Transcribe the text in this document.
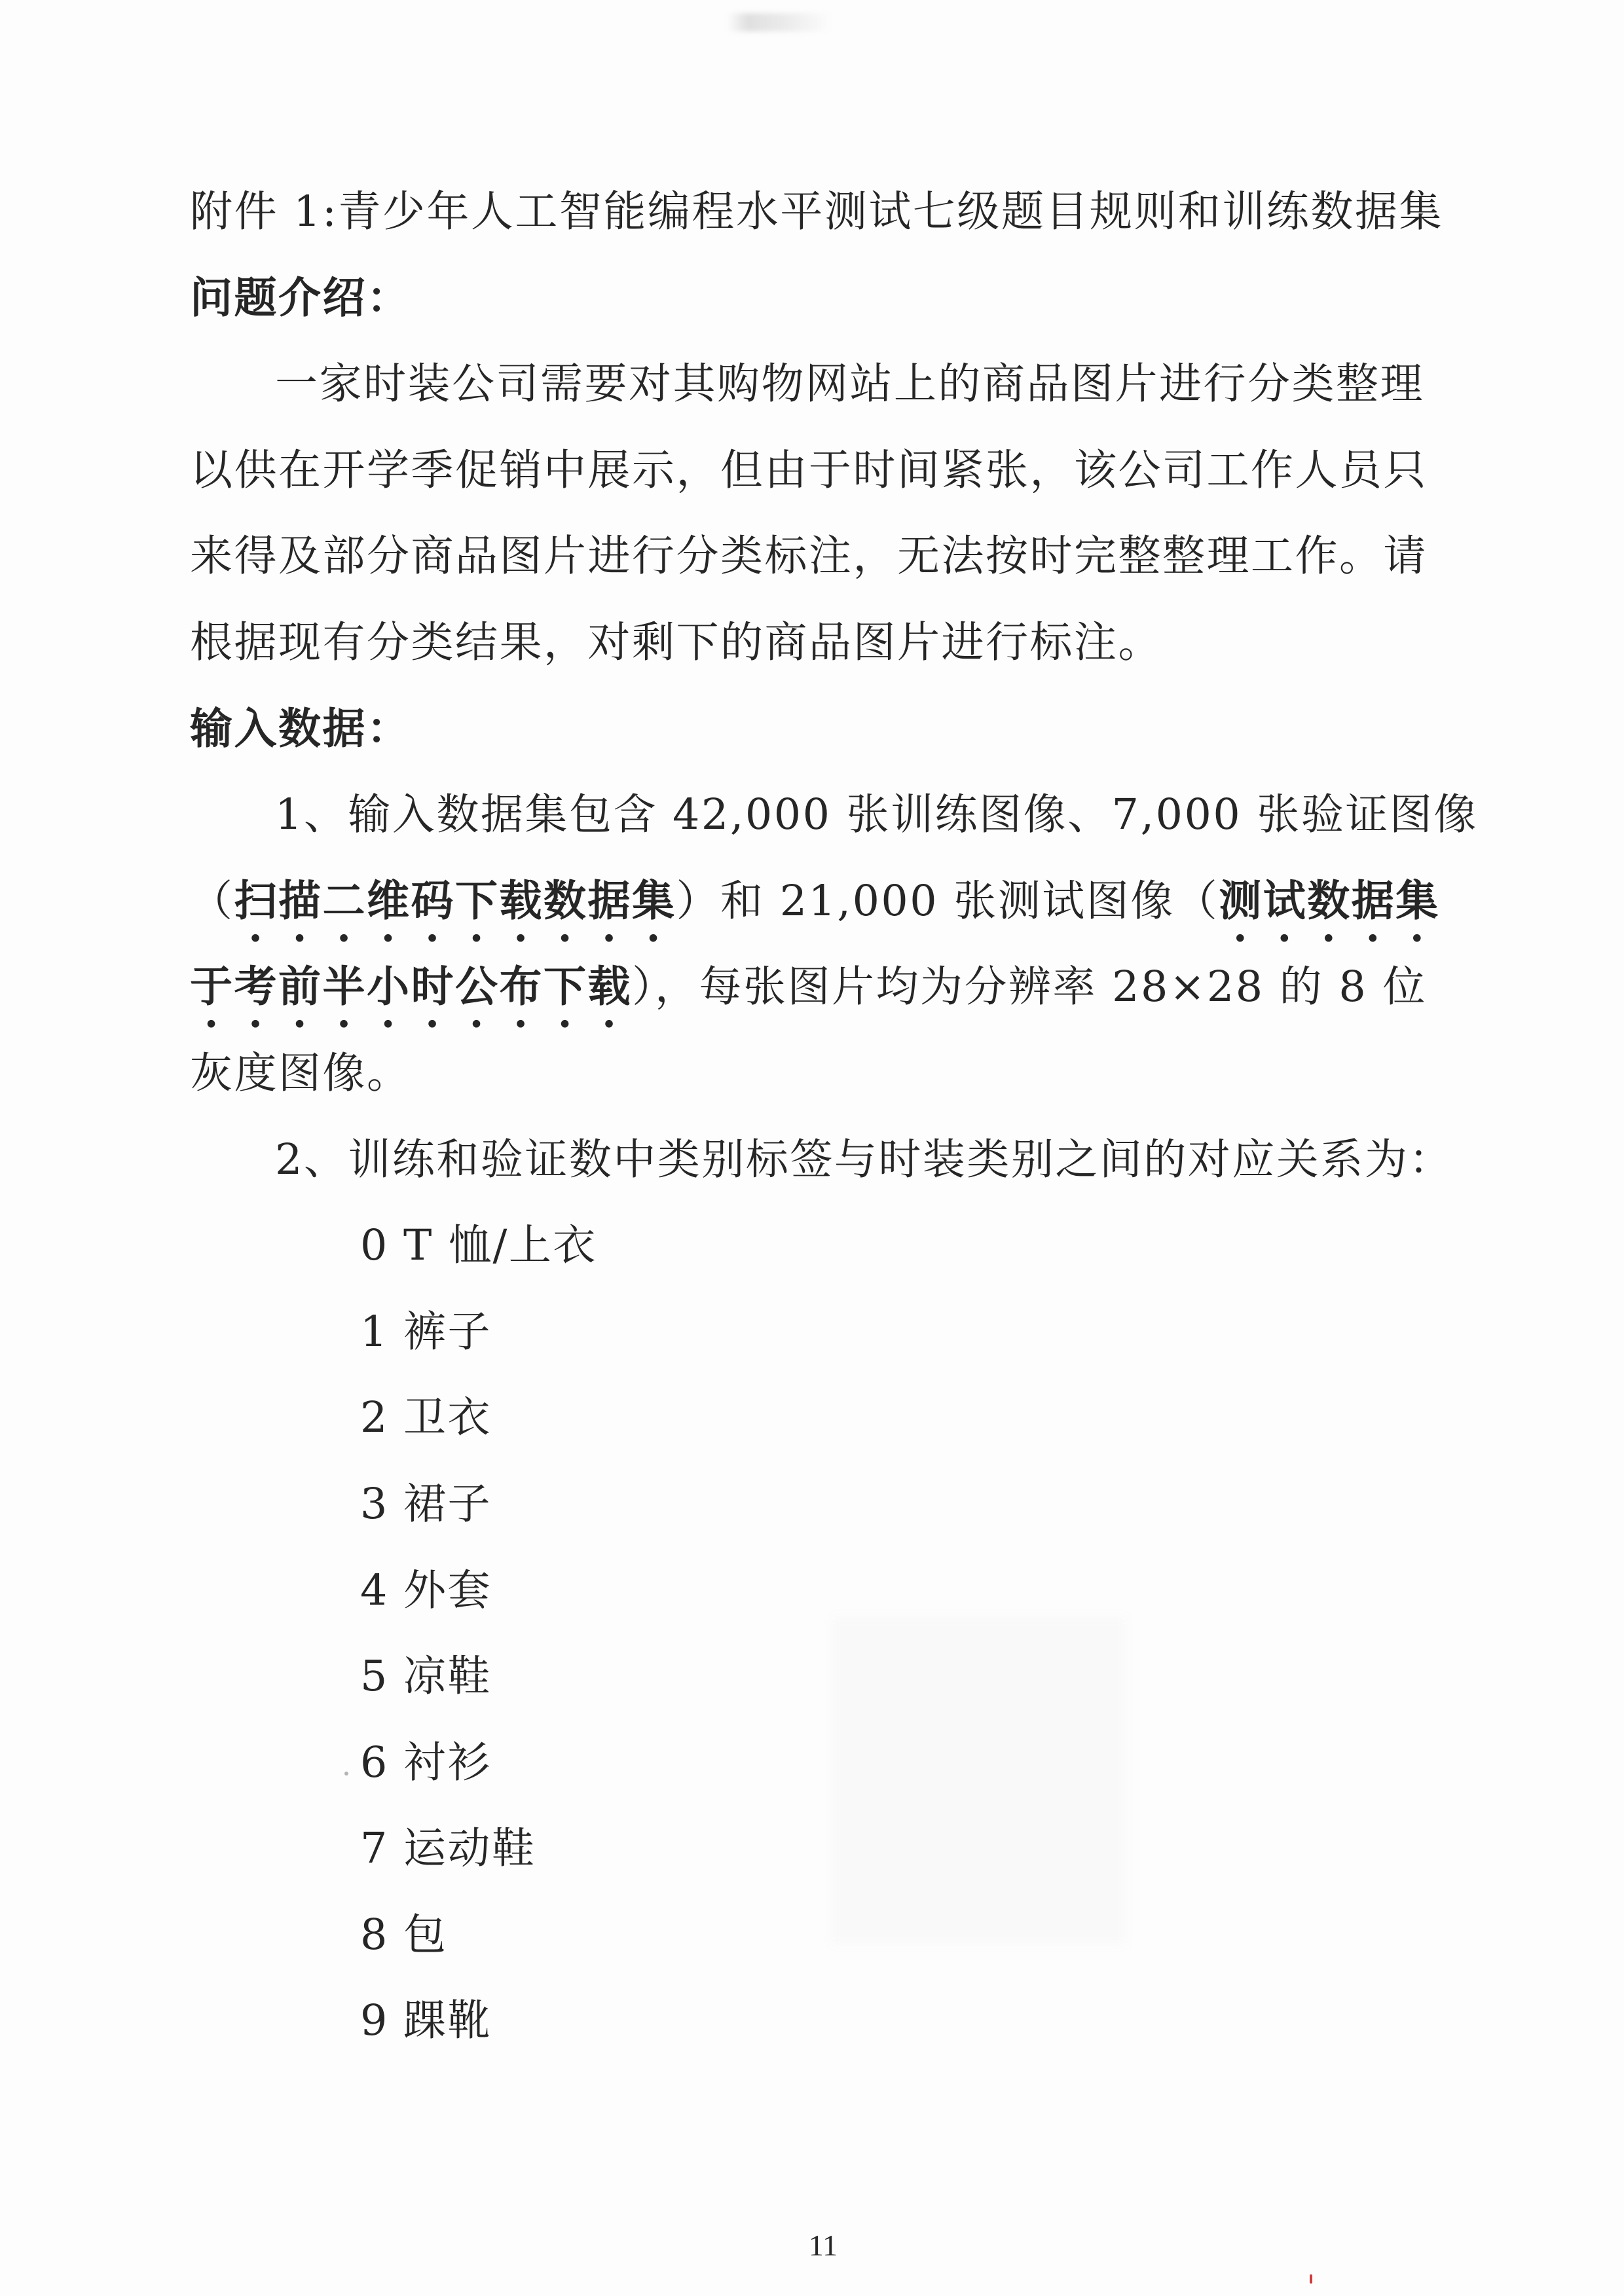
附件 1:青少年人工智能编程水平测试七级题目规则和训练数据集
问题介绍：
一家时装公司需要对其购物网站上的商品图片进行分类整理
以供在开学季促销中展示，但由于时间紧张，该公司工作人员只
来得及部分商品图片进行分类标注，无法按时完整整理工作。请
根据现有分类结果，对剩下的商品图片进行标注。
输入数据：
1、输入数据集包含 42,000 张训练图像、7,000 张验证图像
（扫描二维码下载数据集）和 21,000 张测试图像（测试数据集
于考前半小时公布下载），每张图片均为分辨率 28×28 的 8 位
灰度图像。
2、训练和验证数中类别标签与时装类别之间的对应关系为：
0 T 恤/上衣
1 裤子
2 卫衣
3 裙子
4 外套
5 凉鞋
6 衬衫
7 运动鞋
8 包
9 踝靴
11
